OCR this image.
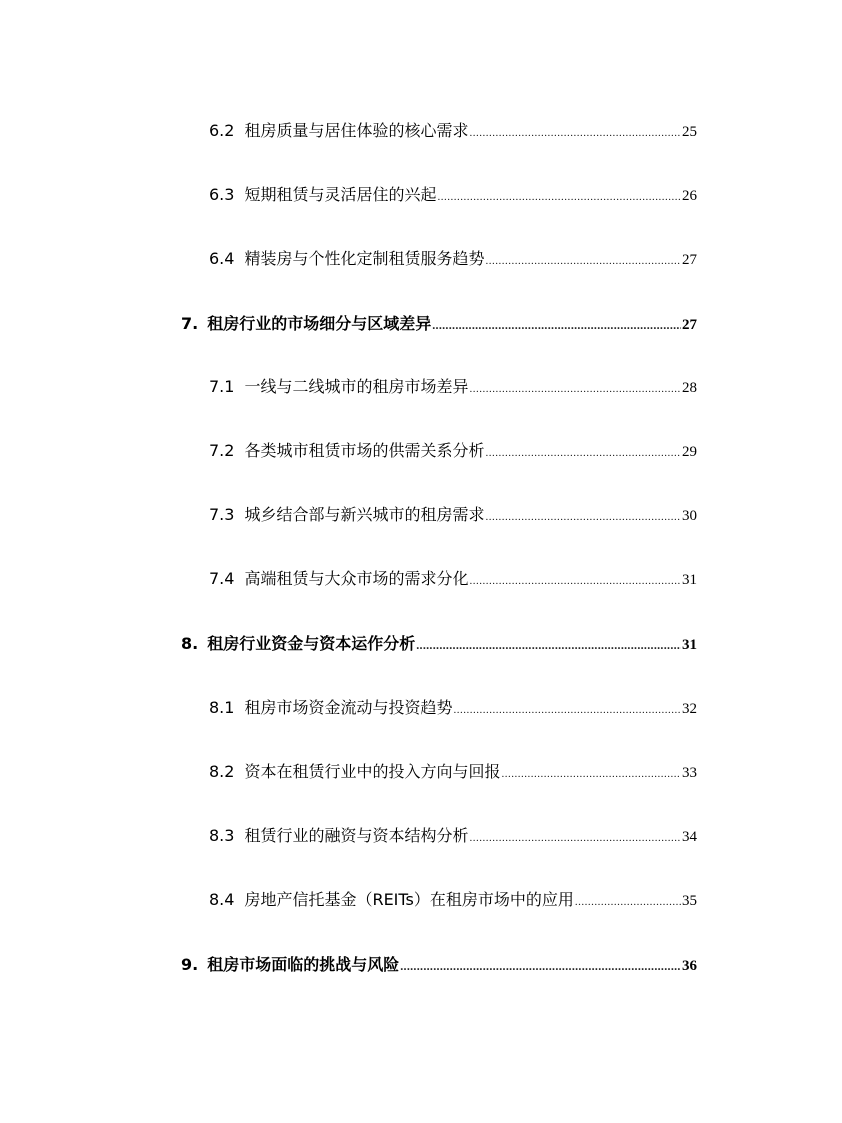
6.2 租房质量与居住体验的核心需求 .....	25
6.3 短期租赁与灵活居住的兴起 .....	26
6.4 精装房与个性化定制租赁服务趋势 .....	27
7. 租房行业的市场细分与区域差异 .....	27
7.1 一线与二线城市的租房市场差异 .....	28
7.2 各类城市租赁市场的供需关系分析 .....	29
7.3 城乡结合部与新兴城市的租房需求 .....	30
7.4 高端租赁与大众市场的需求分化 .....	31
8. 租房行业资金与资本运作分析 .....	31
8.1 租房市场资金流动与投资趋势 .....	32
8.2 资本在租赁行业中的投入方向与回报 .....	33
8.3 租赁行业的融资与资本结构分析 .....	34
8.4 房地产信托基金（REITs）在租房市场中的应用 .....	35
9. 租房市场面临的挑战与风险 .....	36
